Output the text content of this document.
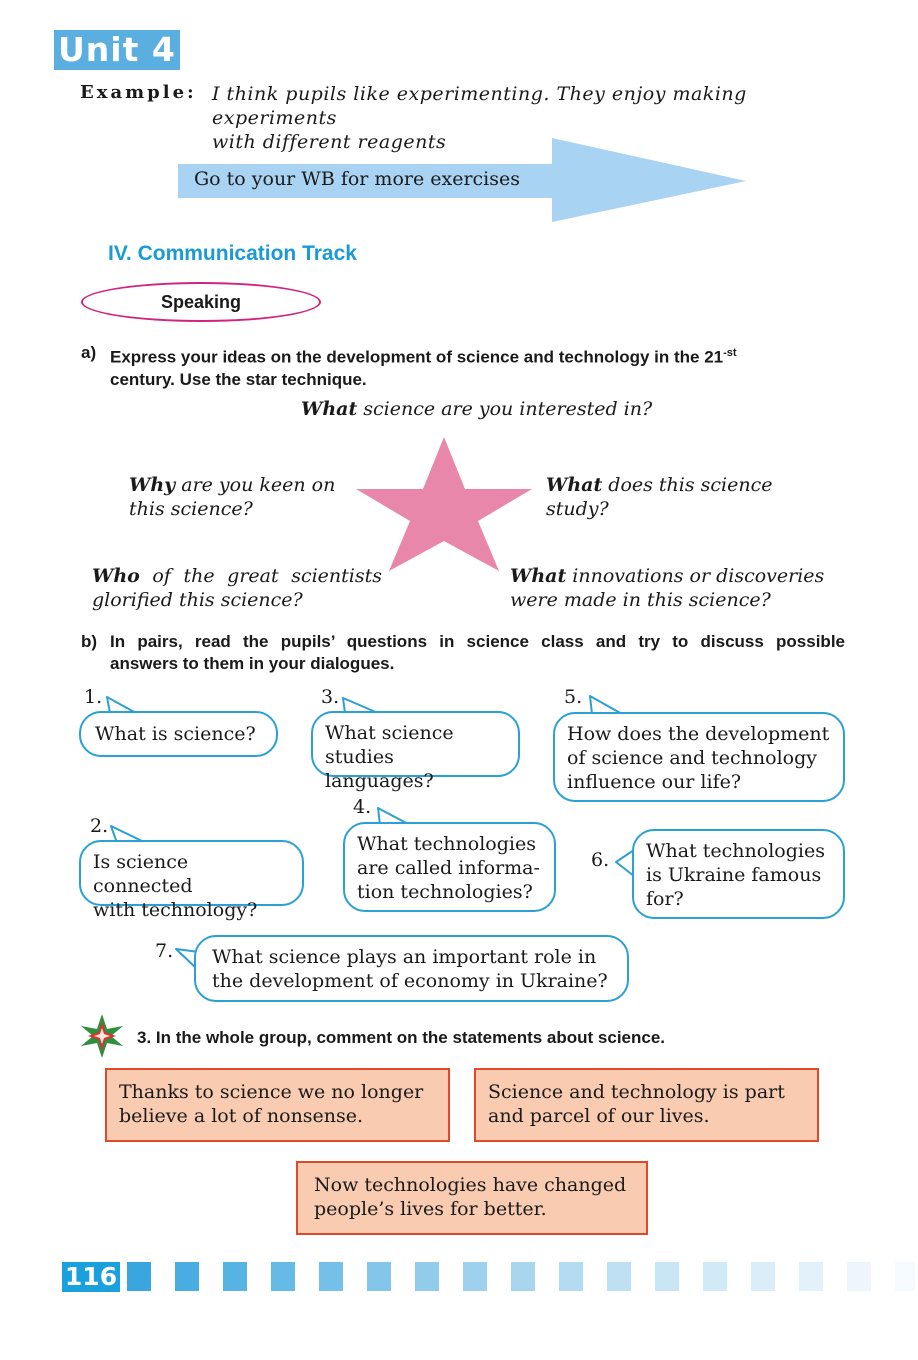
Unit 4
Example: I think pupils like experimenting. They enjoy making experiments
with different reagents
Go to your WB for more exercises
IV. Communication Track
Speaking
a) Express your ideas on the development of science and technology in the $21^{-st}$
century. Use the star technique.
What science are you interested in?
Why are you keen on
this science?
What does this science
study?
Who of the great scientists
glorified this science?
What innovations or discoveries
were made in this science?
b) In pairs, read the pupils’ questions in science class and try to discuss possible
answers to them in your dialogues.
1.
What is science?
3.
What science
studies languages?
5.
How does the development
of science and technology
influence our life?
2.
Is science connected
with technology?
4.
What technologies
are called informa-
tion technologies?
6. What technologies
is Ukraine famous
for?
7. What science plays an important role in
the development of economy in Ukraine?
3. In the whole group, comment on the statements about science.
Thanks to science we no longer
believe a lot of nonsense.
Science and technology is part
and parcel of our lives.
Now technologies have changed
people’s lives for better.
116
